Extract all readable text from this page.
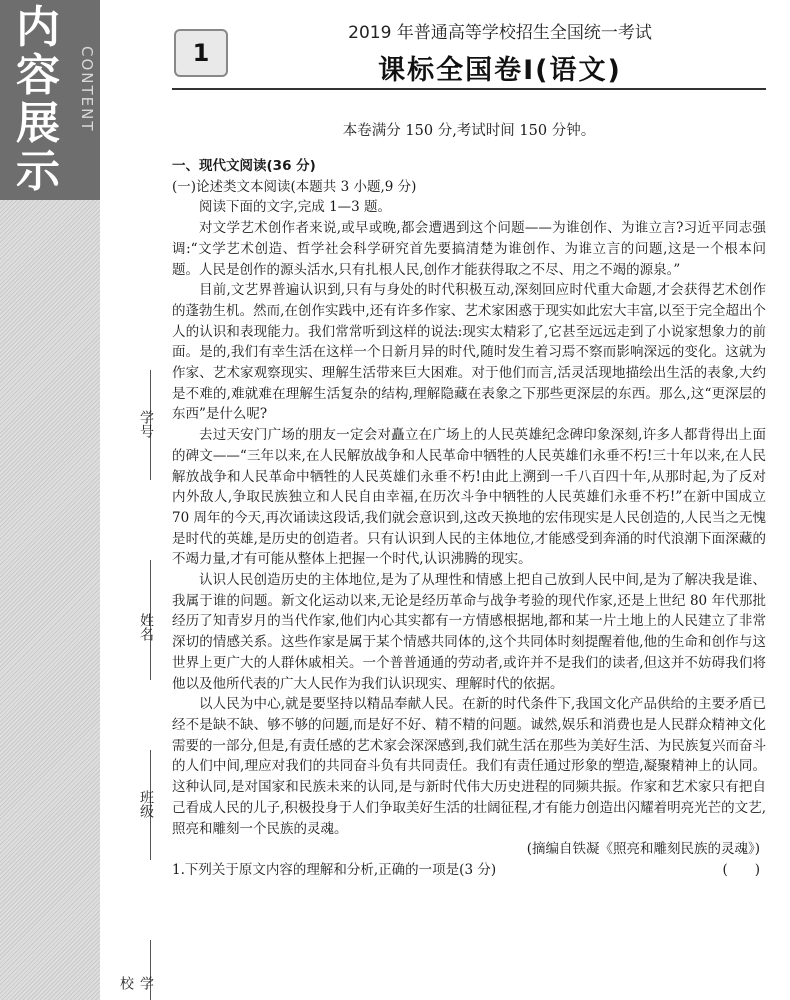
内
容
展
示
CONTENT
学号
姓名
班级
学校
1
2019 年普通高等学校招生全国统一考试
课标全国卷Ⅰ(语文)
本卷满分 150 分,考试时间 150 分钟。

一、现代文阅读(36 分)

(一)论述类文本阅读(本题共 3 小题,9 分)

阅读下面的文字,完成 1—3 题。

对文学艺术创作者来说,或早或晚,都会遭遇到这个问题——为谁创作、为谁立言?习近平同志强调:“文学艺术创造、哲学社会科学研究首先要搞清楚为谁创作、为谁立言的问题,这是一个根本问题。人民是创作的源头活水,只有扎根人民,创作才能获得取之不尽、用之不竭的源泉。”

目前,文艺界普遍认识到,只有与身处的时代积极互动,深刻回应时代重大命题,才会获得艺术创作的蓬勃生机。然而,在创作实践中,还有许多作家、艺术家困惑于现实如此宏大丰富,以至于完全超出个人的认识和表现能力。我们常常听到这样的说法:现实太精彩了,它甚至远远走到了小说家想象力的前面。是的,我们有幸生活在这样一个日新月异的时代,随时发生着习焉不察而影响深远的变化。这就为作家、艺术家观察现实、理解生活带来巨大困难。对于他们而言,活灵活现地描绘出生活的表象,大约是不难的,难就难在理解生活复杂的结构,理解隐藏在表象之下那些更深层的东西。那么,这“更深层的东西”是什么呢?

去过天安门广场的朋友一定会对矗立在广场上的人民英雄纪念碑印象深刻,许多人都背得出上面的碑文——“三年以来,在人民解放战争和人民革命中牺牲的人民英雄们永垂不朽!三十年以来,在人民解放战争和人民革命中牺牲的人民英雄们永垂不朽!由此上溯到一千八百四十年,从那时起,为了反对内外敌人,争取民族独立和人民自由幸福,在历次斗争中牺牲的人民英雄们永垂不朽!”在新中国成立 70 周年的今天,再次诵读这段话,我们就会意识到,这改天换地的宏伟现实是人民创造的,人民当之无愧是时代的英雄,是历史的创造者。只有认识到人民的主体地位,才能感受到奔涌的时代浪潮下面深藏的不竭力量,才有可能从整体上把握一个时代,认识沸腾的现实。

认识人民创造历史的主体地位,是为了从理性和情感上把自己放到人民中间,是为了解决我是谁、我属于谁的问题。新文化运动以来,无论是经历革命与战争考验的现代作家,还是上世纪 80 年代那批经历了知青岁月的当代作家,他们内心其实都有一方情感根据地,都和某一片土地上的人民建立了非常深切的情感关系。这些作家是属于某个情感共同体的,这个共同体时刻提醒着他,他的生命和创作与这世界上更广大的人群休戚相关。一个普普通通的劳动者,或许并不是我们的读者,但这并不妨碍我们将他以及他所代表的广大人民作为我们认识现实、理解时代的依据。

以人民为中心,就是要坚持以精品奉献人民。在新的时代条件下,我国文化产品供给的主要矛盾已经不是缺不缺、够不够的问题,而是好不好、精不精的问题。诚然,娱乐和消费也是人民群众精神文化需要的一部分,但是,有责任感的艺术家会深深感到,我们就生活在那些为美好生活、为民族复兴而奋斗的人们中间,理应对我们的共同奋斗负有共同责任。我们有责任通过形象的塑造,凝聚精神上的认同。这种认同,是对国家和民族未来的认同,是与新时代伟大历史进程的同频共振。作家和艺术家只有把自己看成人民的儿子,积极投身于人们争取美好生活的壮阔征程,才有能力创造出闪耀着明亮光芒的文艺,照亮和雕刻一个民族的灵魂。

(摘编自铁凝《照亮和雕刻民族的灵魂》)

1.下列关于原文内容的理解和分析,正确的一项是(3 分)	(　　)
